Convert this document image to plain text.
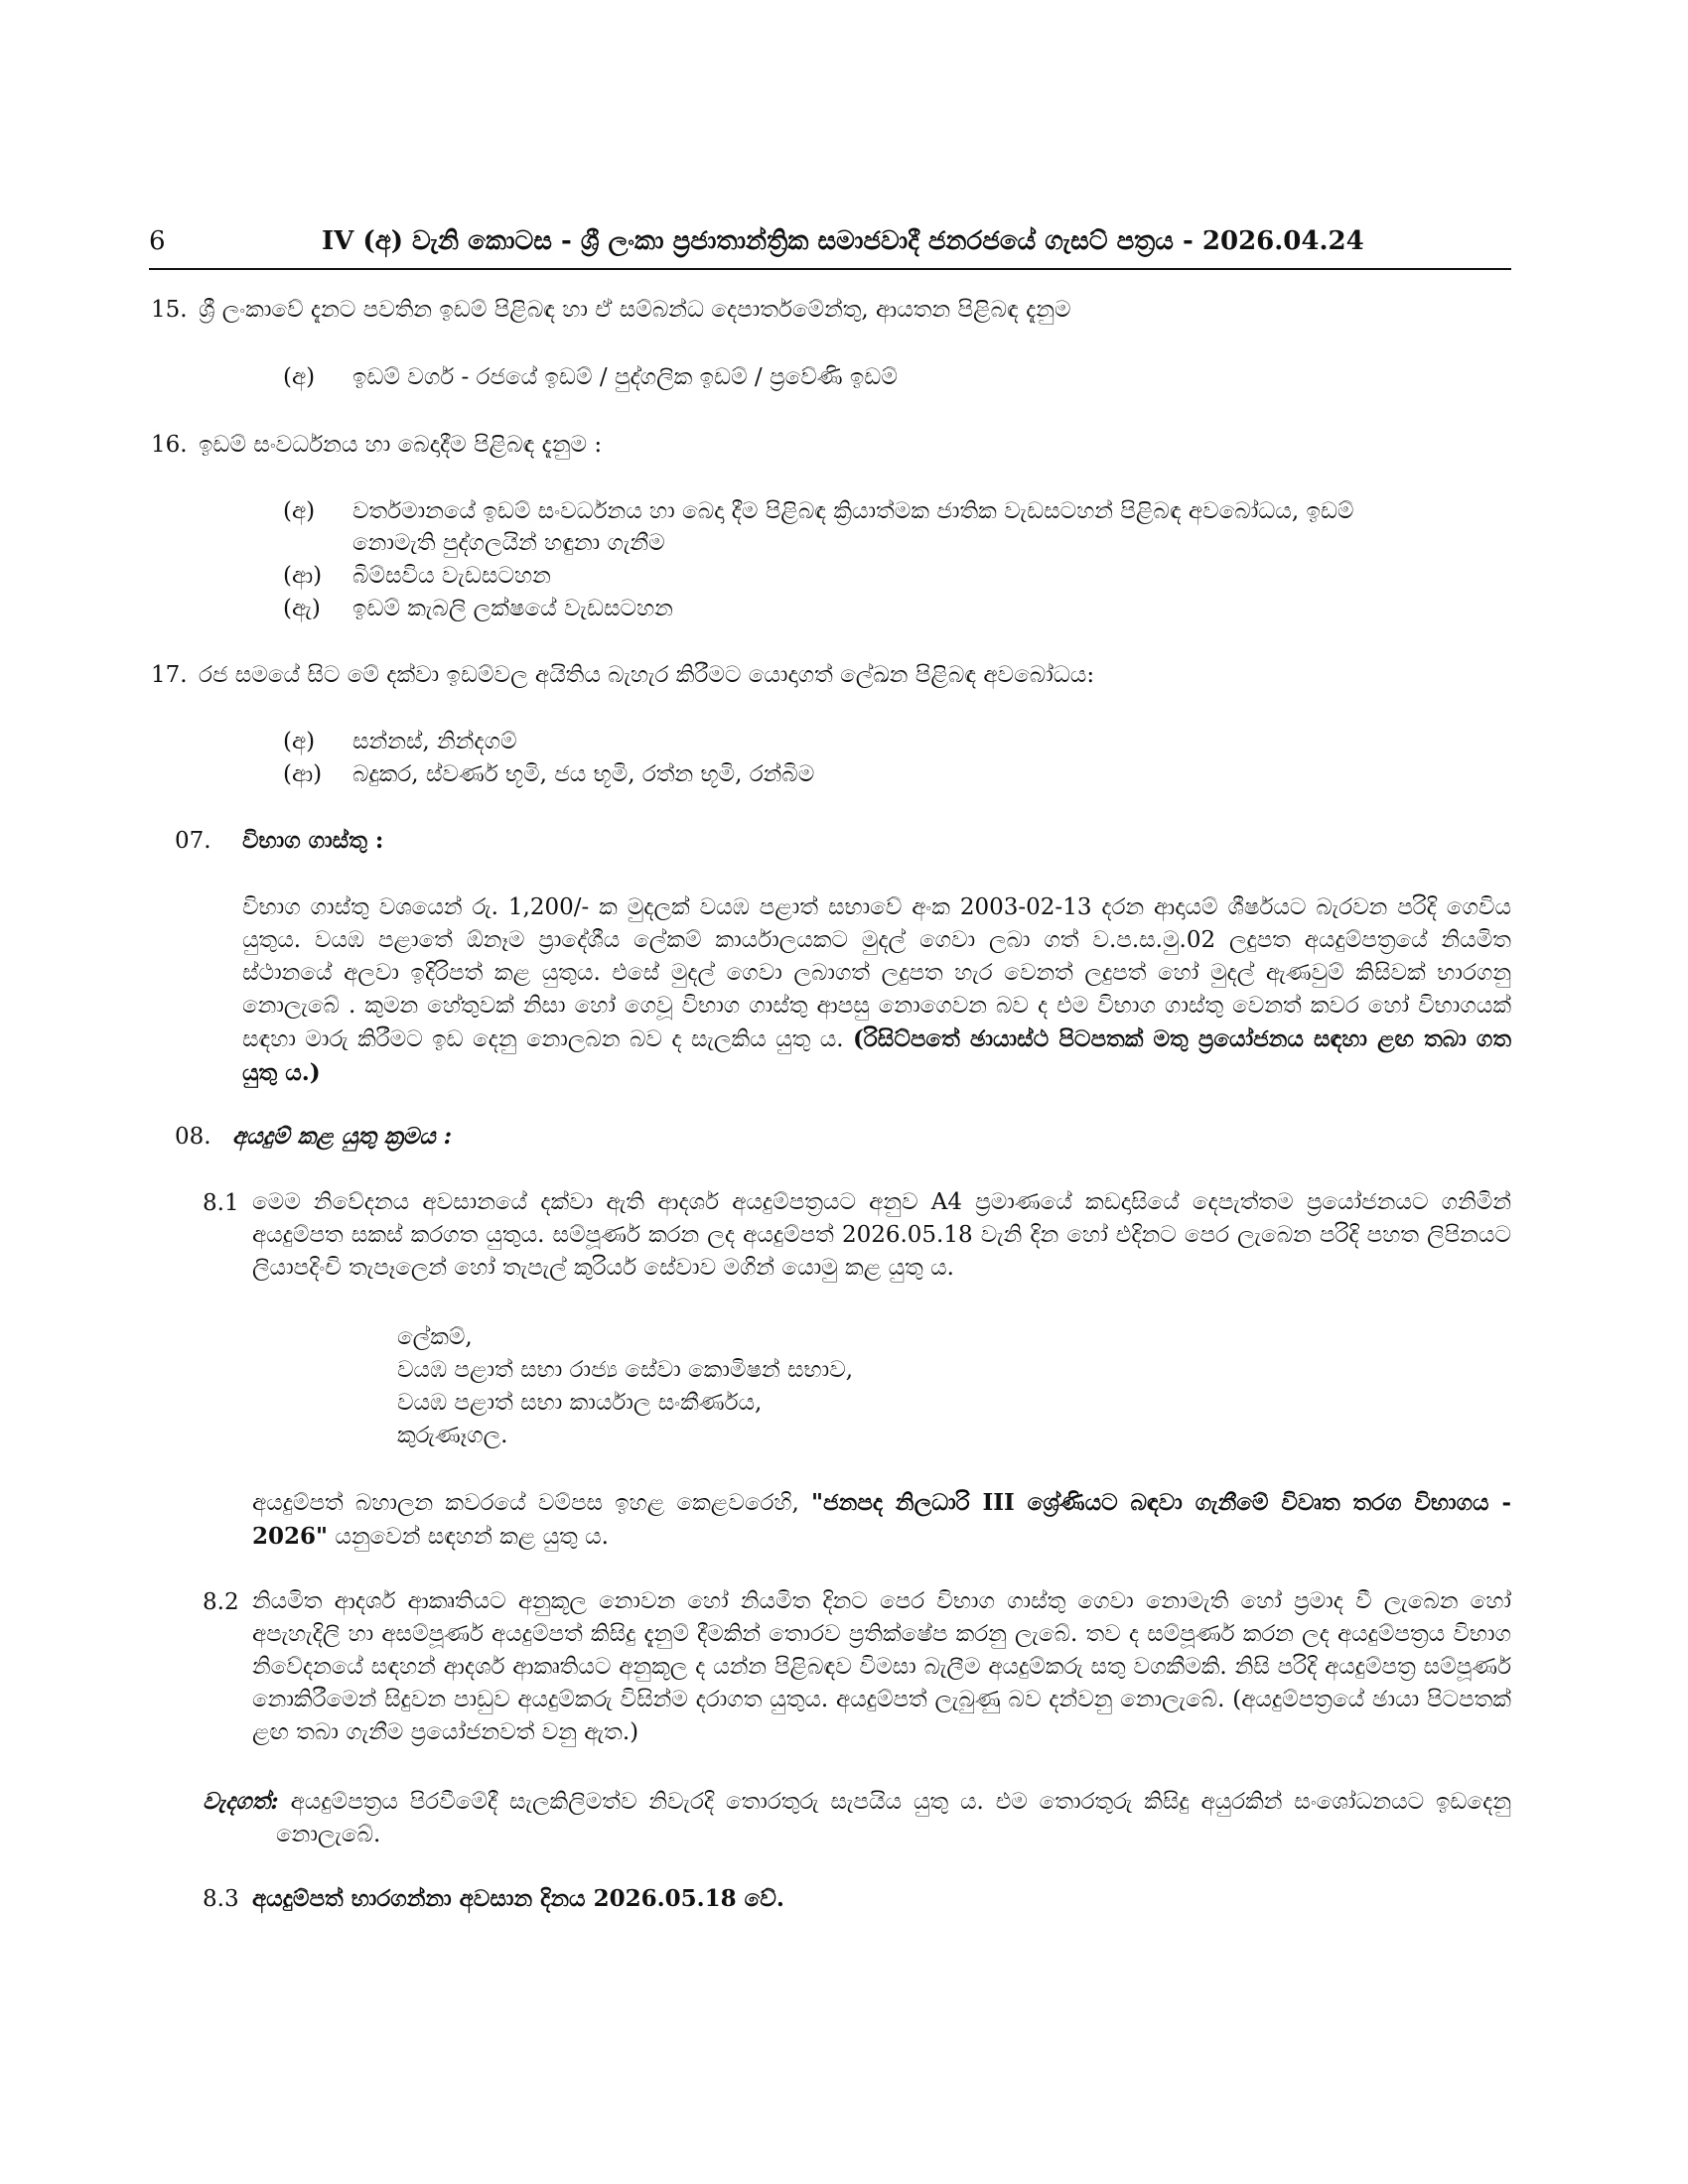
6	IV (අ) වැනි කොටස - ශ්‍රී ලංකා ප්‍රජාතාන්ත්‍රික සමාජවාදී ජනරජයේ ගැසට් පත්‍රය - 2026.04.24
15. ශ්‍රී ලංකාවේ දැනට පවතින ඉඩම් පිළිබඳ හා ඒ සම්බන්ධ දෙපාර්තමේන්තු, ආයතන පිළිබඳ දැනුම
(අ) ඉඩම් වර්ග - රජයේ ඉඩම් / පුද්ගලික ඉඩම් / ප්‍රවේණි ඉඩම්
16. ඉඩම් සංවර්ධනය හා බෙදාදීම පිළිබඳ දැනුම :
(අ) වර්තමානයේ ඉඩම් සංවර්ධනය හා බෙදා දීම පිළිබඳ ක්‍රියාත්මක ජාතික වැඩසටහන් පිළිබඳ අවබෝධය, ඉඩම්
නොමැති පුද්ගලයින් හඳුනා ගැනීම
(ආ) බිම්සවිය වැඩසටහන
(ඇ) ඉඩම් කැබලි ලක්ෂයේ වැඩසටහන
17. රජ සමයේ සිට මේ දක්වා ඉඩම්වල අයිතිය බැහැර කිරීමට යොදාගත් ලේඛන පිළිබඳ අවබෝධය:
(අ) සන්නස්, නින්දගම්
(ආ) බදුකර, ස්වර්ණ භූමි, ජය භූමි, රත්න භූමි, රන්බිම
07. විභාග ගාස්තු :
විභාග ගාස්තු වශයෙන් රු. 1,200/- ක මුදලක් වයඹ පළාත් සභාවේ අංක 2003-02-13 දරන ආදායම් ශීර්ෂයට බැරවන පරිදි ගෙවිය යුතුය. වයඹ පළාතේ ඕනෑම ප්‍රාදේශීය ලේකම් කාර්යාලයකට මුදල් ගෙවා ලබා ගත් ව.ප.ස.මු.02 ලදුපත අයදුම්පත්‍රයේ නියමිත ස්ථානයේ අලවා ඉදිරිපත් කළ යුතුය. එසේ මුදල් ගෙවා ලබාගත් ලදුපත හැර වෙනත් ලදුපත් හෝ මුදල් ඇණවුම් කිසිවක් භාරගනු නොලැබේ . කුමන හේතුවක් නිසා හෝ ගෙවූ විභාග ගාස්තු ආපසු නොගෙවන බව ද එම විභාග ගාස්තු වෙනත් කවර හෝ විභාගයක් සඳහා මාරු කිරීමට ඉඩ දෙනු නොලබන බව ද සැලකිය යුතු ය. (රිසිට්පතේ ඡායාස්ථ පිටපතක් මතු ප්‍රයෝජනය සඳහා ළඟ තබා ගත යුතු ය.)
08. අයදුම් කළ යුතු ක්‍රමය :
8.1 මෙම නිවේදනය අවසානයේ දක්වා ඇති ආදර්ශ අයදුම්පත්‍රයට අනුව A4 ප්‍රමාණයේ කඩදාසියේ දෙපැත්තම ප්‍රයෝජනයට ගනිමින් අයදුම්පත සකස් කරගත යුතුය. සම්පූර්ණ කරන ලද අයදුම්පත් 2026.05.18 වැනි දින හෝ එදිනට පෙර ලැබෙන පරිදි පහත ලිපිනයට ලියාපදිංචි තැපෑලෙන් හෝ තැපැල් කුරියර් සේවාව මගින් යොමු කළ යුතු ය.
ලේකම්,
වයඹ පළාත් සභා රාජ්‍ය සේවා කොමිෂන් සභාව,
වයඹ පළාත් සභා කාර්යාල සංකීර්ණය,
කුරුණෑගල.
අයදුම්පත් බහාලන කවරයේ වම්පස ඉහළ කෙළවරෙහි, "ජනපද නිලධාරි III ශ්‍රේණියට බඳවා ගැනීමේ විවෘත තරග විභාගය - 2026" යනුවෙන් සඳහන් කළ යුතු ය.
8.2 නියමිත ආදර්ශ ආකෘතියට අනුකූල නොවන හෝ නියමිත දිනට පෙර විභාග ගාස්තු ගෙවා නොමැති හෝ ප්‍රමාද වී ලැබෙන හෝ අපැහැදිලි හා අසම්පූර්ණ අයදුම්පත් කිසිදු දැනුම් දීමකින් තොරව ප්‍රතික්ෂේප කරනු ලැබේ. තව ද සම්පූර්ණ කරන ලද අයදුම්පත්‍රය විභාග නිවේදනයේ සඳහන් ආදර්ශ ආකෘතියට අනුකූල ද යන්න පිළිබඳව විමසා බැලීම අයදුම්කරු සතු වගකීමකි. නිසි පරිදි අයදුම්පත්‍ර සම්පූර්ණ නොකිරීමෙන් සිදුවන පාඩුව අයදුම්කරු විසින්ම දරාගත යුතුය. අයදුම්පත් ලැබුණු බව දන්වනු නොලැබේ. (අයදුම්පත්‍රයේ ඡායා පිටපතක් ළඟ තබා ගැනීම ප්‍රයෝජනවත් වනු ඇත.)
වැදගත්: අයදුම්පත්‍රය පිරවීමේදී සැලකිලිමත්ව නිවැරදි තොරතුරු සැපයිය යුතු ය. එම තොරතුරු කිසිදු අයුරකින් සංශෝධනයට ඉඩදෙනු නොලැබේ.
8.3 අයදුම්පත් භාරගන්නා අවසාන දිනය 2026.05.18 වේ.
